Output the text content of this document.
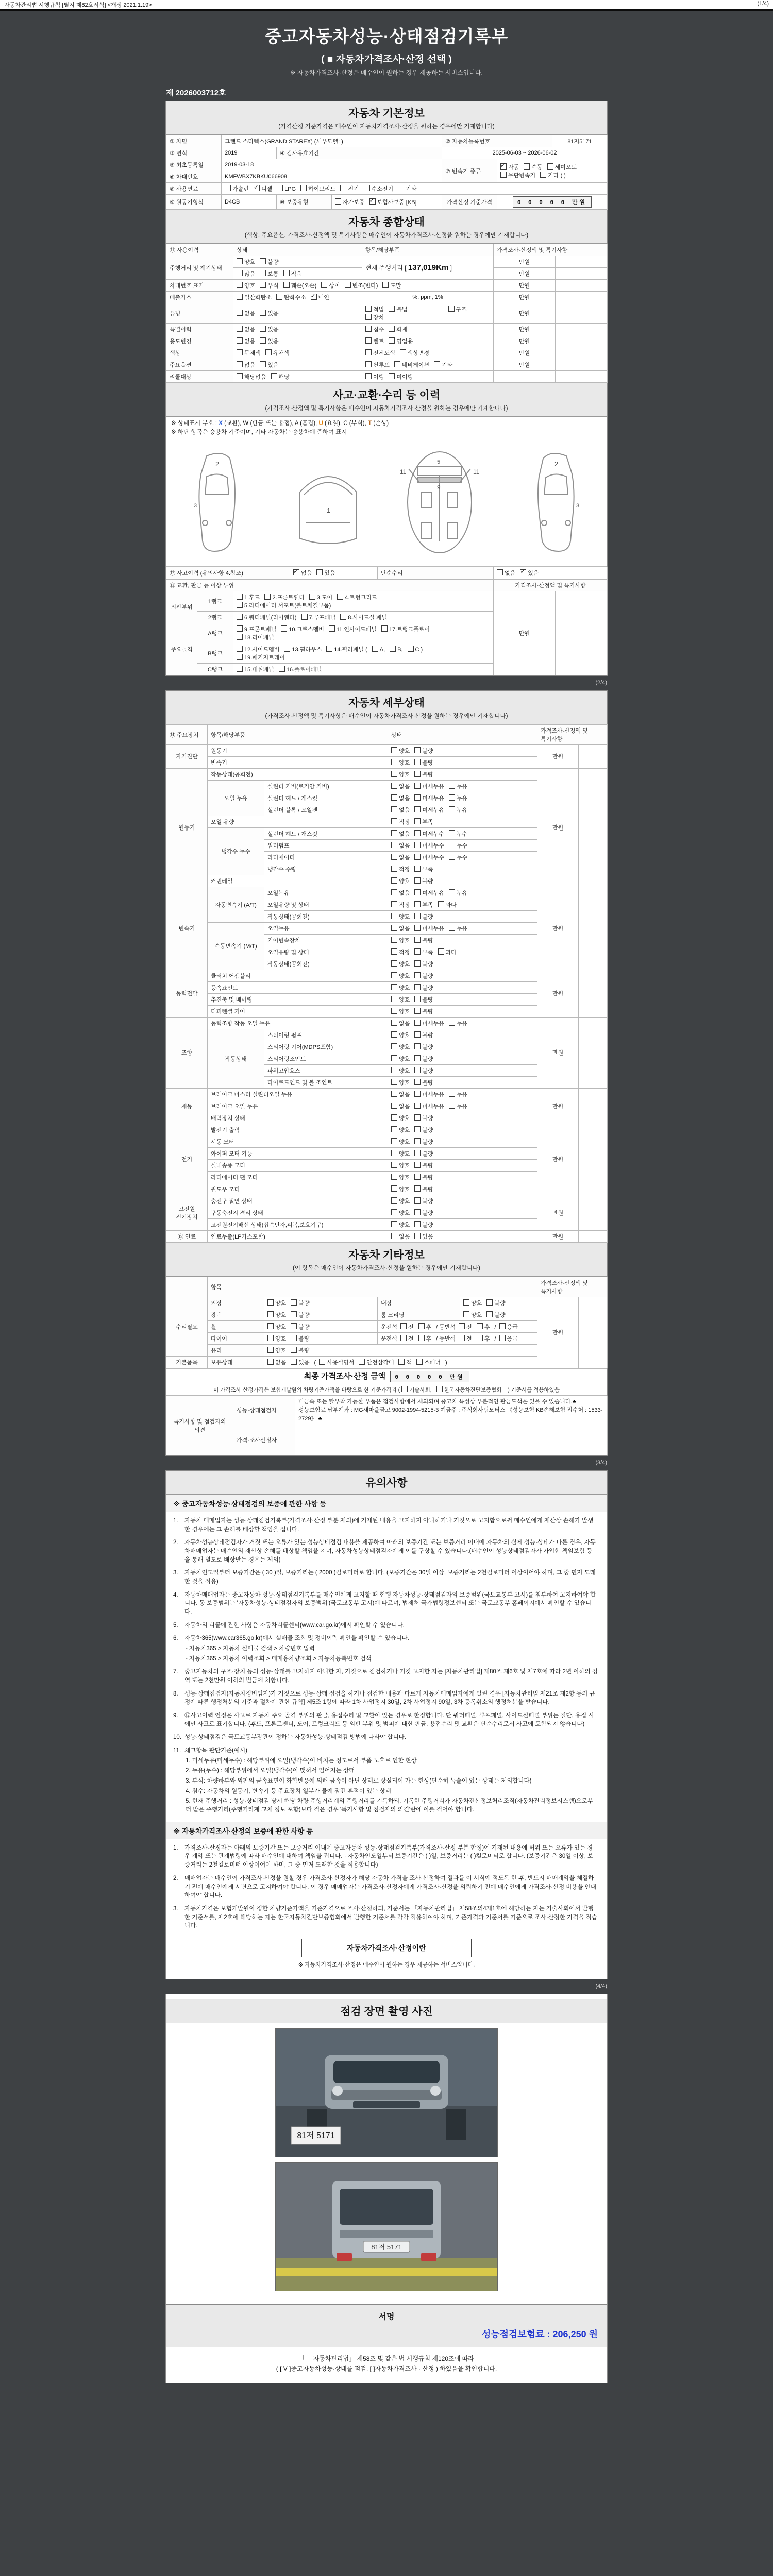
자동차관리법 시행규칙 [별지 제82호서식] <개정 2021.1.19>	(1/4)
중고자동차성능·상태점검기록부
( ■ 자동차가격조사·산정 선택 )
※ 자동차가격조사·산정은 매수인이 원하는 경우 제공하는 서비스입니다.
제 2026003712호
자동차 기본정보
(가격산정 기준가격은 매수인이 자동차가격조사·산정을 원하는 경우에만 기재합니다)
① 차명	그랜드 스타렉스(GRAND STAREX) (세부모델: )			② 자동차등록번호		81저5171
③ 연식	2019	④ 검사유효기간		2025-06-03 ~ 2026-06-02		
⑤ 최초등록일	2019-03-18			⑦ 변속기 종류	✓자동 수동 세미오토
무단변속기 기타 ( )
⑥ 차대번호	KMFWBX7KBKU066908					
⑧ 사용연료	가솔린 ✓ 디젤 LPG 하이브리드 전기 수소전기 기타
⑨ 원동기형식	D4CB	⑩ 보증유형	자가보증 ✓ 보험사보증 [KB]	가격산정 기준가격	0 0 0 0 0 만원	
자동차 종합상태
(색상, 주요옵션, 가격조사·산정액 및 특기사항은 매수인이 자동차가격조사·산정을 원하는 경우에만 기재합니다)
⑪ 사용이력	상태	항목/해당부품	가격조사·산정액 및 특기사항	
주행거리 및 계기상태	양호 불량	현재 주행거리 [ 137,019Km ]	만원	
	많음 보통 적음		만원	
차대번호 표기	양호 부식 훼손(오손) 상이 변조(변타) 도말		만원	
배출가스	일산화탄소 탄화수소 ✓ 매연	%, ppm, 1%	만원	
튜닝	없음 있음	적법 불법 구조장치	만원	
특별이력	없음 있음	침수 화재	만원	
용도변경	없음 있음	렌트 영업용	만원	
색상	무채색 유채색	전체도색 색상변경	만원	
주요옵션	없음 있음	썬루프 네비게이션 기타	만원	
리콜대상	해당없음 해당	이행 미이행		
사고·교환·수리 등 이력
(가격조사·산정액 및 특기사항은 매수인이 자동차가격조사·산정을 원하는 경우에만 기재합니다)
※ 상태표시 부호 : X (교환), W (판금 또는 용접), A (흠집), U (요철), C (부식), T (손상)
※ 하단 항목은 승용차 기준이며, 기타 자동차는 승용차에 준하여 표시
2
3
1
11	11
9
5	2
3
⑫ 사고이력 (유의사항 4.참조)	✓없음 있음	단순수리	없음 ✓ 있음
⑬ 교환, 판금 등 이상 부위			가격조사·산정액 및 특기사항	
외판부위	1랭크	1.후드 2.프론트휀더 3.도어 4.트렁크리드
5.라디에이터 서포트(볼트체결부품)	만원	
	2랭크	6.쿼터패널(리어휀다) 7.루프패널 8.사이드실 패널		
주요골격	A랭크	9.프론트패널 10.크로스멤버 11.인사이드패널 17.트렁크플로어
18.리어패널		
	B랭크	12.사이드멤버 13.휠하우스 14.필러패널 ( A, B, C )
19.패키지트레이		
	C랭크	15.대쉬패널 16.플로어패널		
(2/4)
자동차 세부상태
(가격조사·산정액 및 특기사항은 매수인이 자동차가격조사·산정을 원하는 경우에만 기재합니다)
⑭ 주요장치	항목/해당부품		상태	가격조사·산정액 및 특기사항	
자기진단	원동기		양호 불량	만원	
	변속기		양호 불량		
원동기	작동상태(공회전)		양호 불량	만원	
	오일 누유	실린더 커버(로커암 커버)	없음 미세누유 누유		
		실린더 헤드 / 개스킷	없음 미세누유 누유		
		실린더 블록 / 오일팬	없음 미세누유 누유		
	오일 유량		적정 부족		
	냉각수 누수	실린더 헤드 / 개스킷	없음 미세누수 누수		
		워터펌프	없음 미세누수 누수		
		라디에이터	없음 미세누수 누수		
		냉각수 수량	적정 부족		
	커먼레일		양호 불량		
변속기	자동변속기 (A/T)	오일누유	없음 미세누유 누유	만원	
		오일유량 및 상태	적정 부족 과다		
		작동상태(공회전)	양호 불량		
	수동변속기 (M/T)	오일누유	없음 미세누유 누유		
		기어변속장치	양호 불량		
		오일유량 및 상태	적정 부족 과다		
		작동상태(공회전)	양호 불량		
동력전달	클러치 어셈블리		양호 불량	만원	
	등속죠인트		양호 불량		
	추진축 및 베어링		양호 불량		
	디퍼렌셜 기어		양호 불량		
조향	동력조향 작동 오일 누유		없음 미세누유 누유	만원	
	작동상태	스티어링 펌프	양호 불량		
		스티어링 기어(MDPS포함)	양호 불량		
		스티어링조인트	양호 불량		
		파워고압호스	양호 불량		
		타이로드엔드 및 볼 조인트	양호 불량		
제동	브레이크 마스터 실린더오일 누유		없음 미세누유 누유	만원	
	브레이크 오일 누유		없음 미세누유 누유		
	배력장치 상태		양호 불량		
전기	발전기 출력		양호 불량	만원	
	시동 모터		양호 불량		
	와이퍼 모터 기능		양호 불량		
	실내송풍 모터		양호 불량		
	라디에이터 팬 모터		양호 불량		
	윈도우 모터		양호 불량		
고전원 전기장치	충전구 절연 상태		양호 불량	만원	
	구동축전지 격리 상태		양호 불량		
	고전원전기배선 상태(접속단자,피복,보호기구)		양호 불량		
⑮ 연료	연료누출(LP가스포함)		없음 있음	만원	
자동차 기타정보
(이 항목은 매수인이 자동차가격조사·산정을 원하는 경우에만 기재합니다)
	항목				가격조사·산정액 및 특기사항	
수리필요	외장	양호 불량	내장	양호 불량	만원	
	광택	양호 불량	룸 크리닝	양호 불량		
	휠	양호 불량	운전석 전 후 / 동반석 전 후 / 응급			
	타이어	양호 불량	운전석 전 후 / 동반석 전 후 / 응급			
	유리	양호 불량				
기본품목	보유상태	없음 있음 ( 사용설명서 안전삼각대 잭 스패너 )				
최종 가격조사·산정 금액 0 0 0 0 0 만원
이 가격조사·산정가격은 보험개발원의 차량기준가액을 바탕으로 한 기준가격과 ( 기술사회, 한국자동차진단보증협회 ) 기준서를 적용하였음
특기사항 및 점검자의 의견	성능·상태점검자	비금속 또는 탈부착 가능한 부품은 점검사항에서 제외되며 중고차 특성상 부분적인 판금도색은 있을 수 있습니다.♣ 성능보험료 납부계좌 : MG새마을금고 9002-1994-5215-3 예금주 : 주식회사팀모터스 《성능보험 KB손해보험 접수처 : 1533-2729》 ♣
	가격·조사산정자	
(3/4)
유의사항
※ 중고자동차성능·상태점검의 보증에 관한 사항 등
1.	자동차 매매업자는 성능·상태점검기록부(가격조사·산정 부분 제외)에 기재된 내용을 고지하지 아니하거나 거짓으로 고지함으로써 매수인에게 재산상 손해가 발생한 경우에는 그 손해를 배상할 책임을 집니다.
2.	자동차성능상태점검자가 거짓 또는 오류가 있는 성능상태점검 내용을 제공하여 아래의 보증기간 또는 보증거리 이내에 자동차의 실제 성능·상태가 다른 경우, 자동차매매업자는 매수인의 재산상 손해를 배상할 책임을 지며, 자동차성능상태점검자에게 이를 구상할 수 있습니다.(매수인이 성능상태점검자가 가입한 책임보험 등을 통해 별도로 배상받는 경우는 제외)
3.	자동차인도일부터 보증기간은 ( 30 )일, 보증거리는 ( 2000 )킬로미터로 합니다. (보증기간은 30일 이상, 보증거리는 2천킬로미터 이상이어야 하며, 그 중 먼저 도래한 것을 적용)
4.	자동차매매업자는 중고자동차 성능·상태점검기록부를 매수인에게 고지할 때 현행 자동차성능·상태점검자의 보증범위(국토교통부 고시)를 첨부하여 고지하여야 합니다. 동 보증범위는 '자동차성능·상태점검자의 보증범위'(국토교통부 고시)에 따르며, 법제처 국가법령정보센터 또는 국토교통부 홈페이지에서 확인할 수 있습니다.
5.	자동차의 리콜에 관한 사항은 자동차리콜센터(www.car.go.kr)에서 확인할 수 있습니다.
6.	자동차365(www.car365.go.kr)에서 실매물 조회 및 정비이력 확인을 확인할 수 있습니다.
- 자동차365 > 자동차 실매물 검색 > 차량번호 입력
- 자동차365 > 자동차 이력조회 > 매매용차량조회 > 자동차등록번호 검색
7.	중고자동차의 구조·장치 등의 성능·상태를 고지하지 아니한 자, 거짓으로 점검하거나 거짓 고지한 자는 [자동차관리법] 제80조 제6호 및 제7호에 따라 2년 이하의 징역 또는 2천만원 이하의 벌금에 처합니다.
8.	성능·상태점검자(자동차정비업자)가 거짓으로 성능·상태 점검을 하거나 점검한 내용과 다르게 자동차매매업자에게 알린 경우 [자동차관리법 제21조 제2항 등의 규정에 따른 행정처분의 기준과 절차에 관한 규칙] 제5조 1항에 따라 1차 사업정지 30일, 2차 사업정지 90일, 3차 등록취소의 행정처분을 받습니다.
9.	⑫사고이력 인정은 사고로 자동차 주요 골격 부위의 판금, 용접수리 및 교환이 있는 경우로 한정합니다. 단 쿼터패널, 루프패널, 사이드실패널 부위는 절단, 용접 시에만 사고로 표기합니다. (후드, 프론트펜더, 도어, 트렁크리드 등 외판 부위 및 범퍼에 대한 판금, 용접수리 및 교환은 단순수리로서 사고에 포함되지 않습니다)
10. 성능·상태점검은 국토교통부장관이 정하는 자동차성능·상태점검 방법에 따라야 합니다.
11. 체크항목 판단기준(예시)
1. 미세누유(미세누수) : 해당부위에 오일(냉각수)이 비치는 정도로서 부품 노후로 인한 현상
2. 누유(누수) : 해당부위에서 오일(냉각수)이 맺혀서 떨어지는 상태
3. 부식: 차량하부와 외판의 금속표면이 화학반응에 의해 금속이 아닌 상태로 상실되어 가는 현상(단순히 녹슬어 있는 상태는 제외합니다)
4. 침수: 자동차의 원동기, 변속기 등 주요장치 일부가 물에 잠긴 흔적이 있는 상태
5. 현재 주행거리 : 성능·상태점검 당시 해당 차량 주행거리계의 주행거리를 기록하되, 기록한 주행거리가 자동차전산정보처리조직(자동차관리정보시스템)으로부터 받은 주행거리(주행거리계 교체 정보 포함)보다 적은 경우 '특기사항 및 점검자의 의견'란에 이를 적어야 합니다.
※ 자동차가격조사·산정의 보증에 관한 사항 등
1.	가격조사·산정자는 아래의 보증기간 또는 보증거리 이내에 중고자동차 성능·상태점검기록부(가격조사·산정 부분 한정)에 기재된 내용에 허위 또는 오류가 있는 경우 계약 또는 관계법령에 따라 매수인에 대하여 책임을 집니다. · 자동차인도일부터 보증기간은 ( )일, 보증거리는 ( )킬로미터로 합니다. (보증기간은 30일 이상, 보증거리는 2천킬로미터 이상이어야 하며, 그 중 먼저 도래한 것을 적용합니다)
2.	매매업자는 매수인이 가격조사·산정을 원할 경우 가격조사·산정자가 해당 자동차 가격을 조사·산정하여 결과를 이 서식에 적도록 한 후, 반드시 매매계약을 체결하기 전에 매수인에게 서면으로 고지하여야 합니다. 이 경우 매매업자는 가격조사·산정자에게 가격조사·산정을 의뢰하기 전에 매수인에게 가격조사·산정 비용을 안내하여야 합니다.
3.	자동차가격은 보험개발원이 정한 차량기준가액을 기준가격으로 조사·산정하되, 기준서는 「자동차관리법」 제58조의4제1호에 해당하는 자는 기술사회에서 발행한 기준서를, 제2호에 해당하는 자는 한국자동차진단보증협회에서 발행한 기준서를 각각 적용하여야 하며, 기준가격과 기준서를 기준으로 조사·산정한 가격을 적습니다.
자동차가격조사·산정이란
※ 자동차가격조사·산정은 매수인이 원하는 경우 제공하는 서비스입니다.
(4/4)
점검 장면 촬영 사진
81저 5171
81저 5171
서명
성능점검보험료 : 206,250 원
「 「자동차관리법」 제58조 및 같은 법 시행규칙 제120조에 따라
( [ V ]중고자동차성능·상태를 점검, [ ]자동차가격조사 · 산정 ) 하였음을 확인합니다.
